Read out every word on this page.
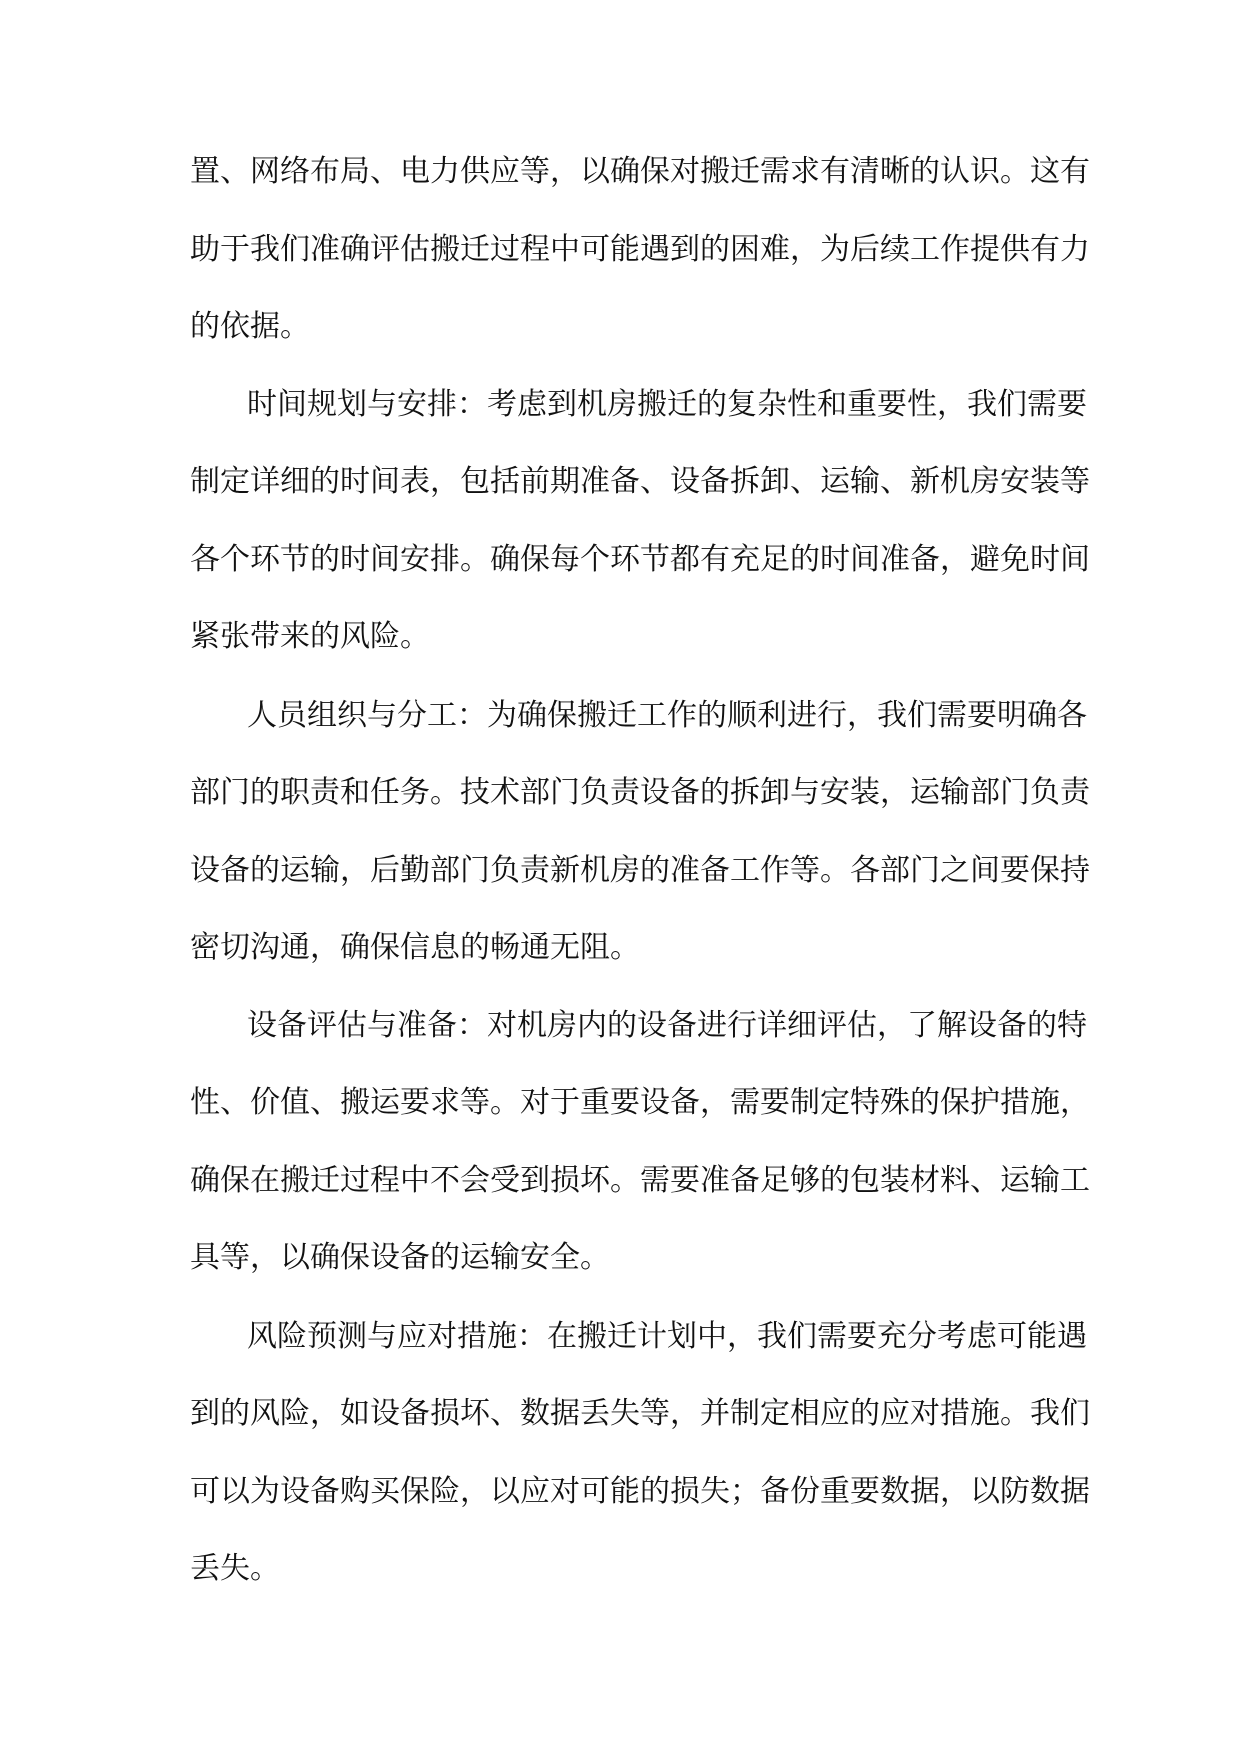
置、网络布局、电力供应等，以确保对搬迁需求有清晰的认识。这有

助于我们准确评估搬迁过程中可能遇到的困难，为后续工作提供有力

的依据。

时间规划与安排：考虑到机房搬迁的复杂性和重要性，我们需要

制定详细的时间表，包括前期准备、设备拆卸、运输、新机房安装等

各个环节的时间安排。确保每个环节都有充足的时间准备，避免时间

紧张带来的风险。

人员组织与分工：为确保搬迁工作的顺利进行，我们需要明确各

部门的职责和任务。技术部门负责设备的拆卸与安装，运输部门负责

设备的运输，后勤部门负责新机房的准备工作等。各部门之间要保持

密切沟通，确保信息的畅通无阻。

设备评估与准备：对机房内的设备进行详细评估，了解设备的特

性、价值、搬运要求等。对于重要设备，需要制定特殊的保护措施，

确保在搬迁过程中不会受到损坏。需要准备足够的包装材料、运输工

具等，以确保设备的运输安全。

风险预测与应对措施：在搬迁计划中，我们需要充分考虑可能遇

到的风险，如设备损坏、数据丢失等，并制定相应的应对措施。我们

可以为设备购买保险，以应对可能的损失；备份重要数据，以防数据

丢失。
